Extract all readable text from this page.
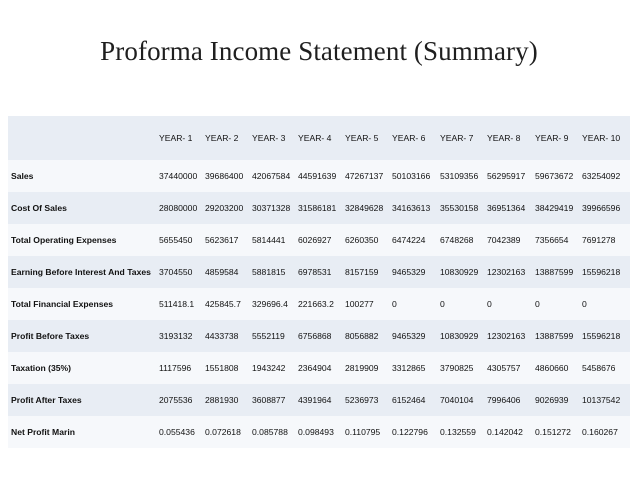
Proforma Income Statement (Summary)
	YEAR- 1	YEAR- 2	YEAR- 3	YEAR- 4	YEAR- 5	YEAR- 6	YEAR- 7	YEAR- 8	YEAR- 9	YEAR- 10
Sales	37440000	39686400	42067584	44591639	47267137	50103166	53109356	56295917	59673672	63254092
Cost Of Sales	28080000	29203200	30371328	31586181	32849628	34163613	35530158	36951364	38429419	39966596
Total Operating Expenses	5655450	5623617	5814441	6026927	6260350	6474224	6748268	7042389	7356654	7691278
Earning Before Interest And Taxes	3704550	4859584	5881815	6978531	8157159	9465329	10830929	12302163	13887599	15596218
Total Financial Expenses	511418.1	425845.7	329696.4	221663.2	100277	0	0	0	0	0
Profit Before Taxes	3193132	4433738	5552119	6756868	8056882	9465329	10830929	12302163	13887599	15596218
Taxation (35%)	1117596	1551808	1943242	2364904	2819909	3312865	3790825	4305757	4860660	5458676
Profit After Taxes	2075536	2881930	3608877	4391964	5236973	6152464	7040104	7996406	9026939	10137542
Net Profit Marin	0.055436	0.072618	0.085788	0.098493	0.110795	0.122796	0.132559	0.142042	0.151272	0.160267
